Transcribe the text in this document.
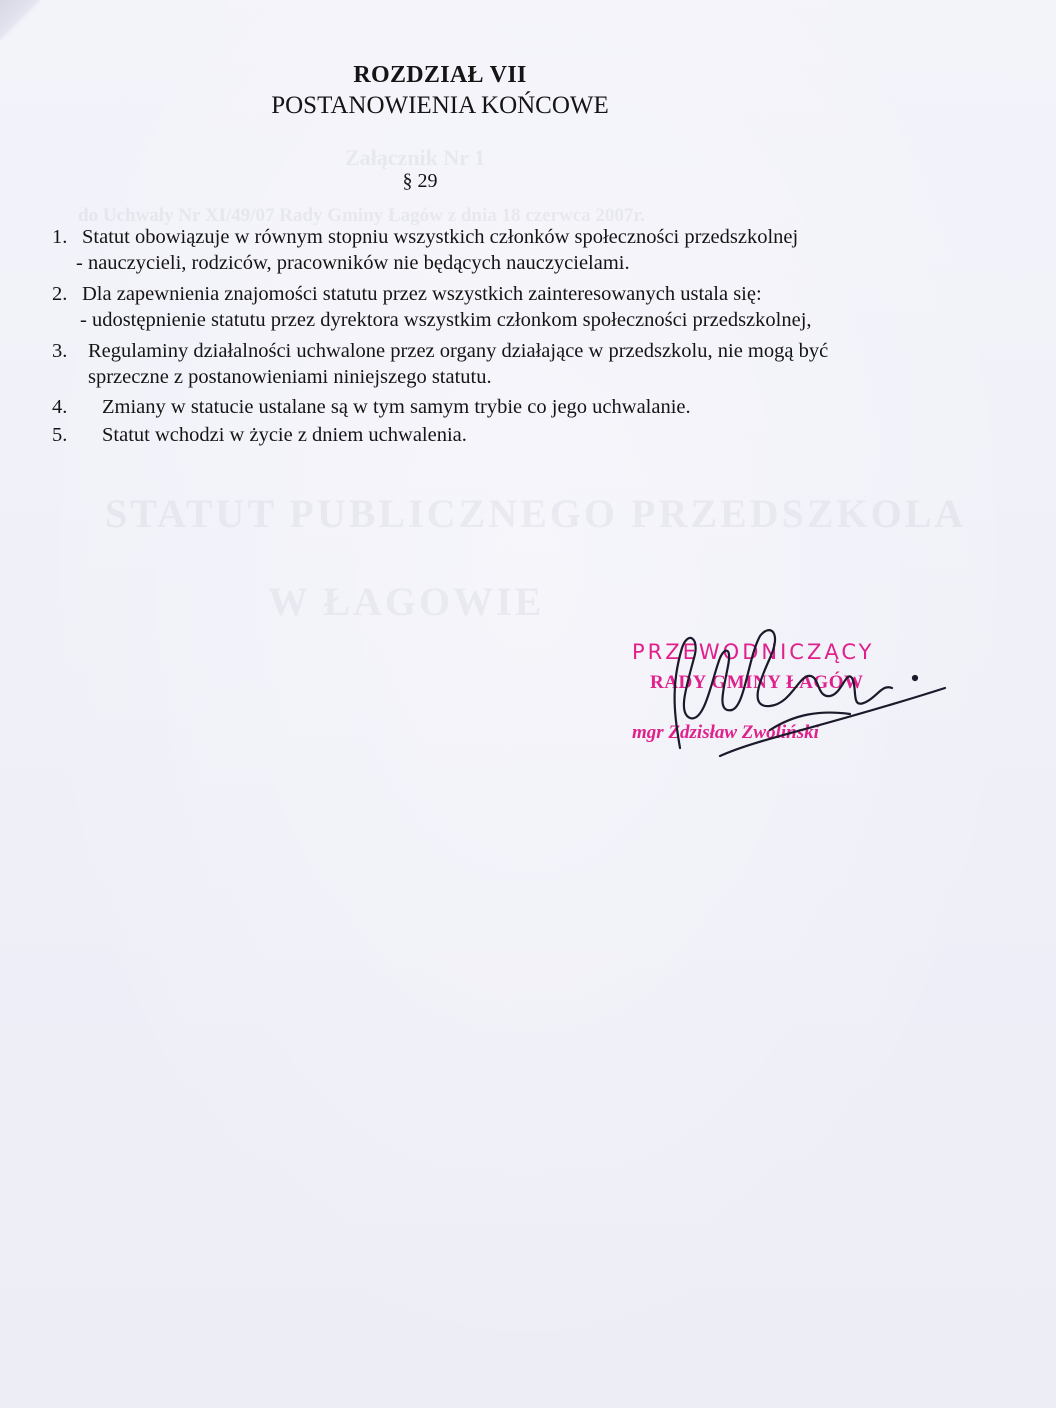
Załącznik Nr 1
do Uchwały Nr XI/49/07 Rady Gminy Łagów z dnia 18 czerwca 2007r.
STATUT PUBLICZNEGO PRZEDSZKOLA
W ŁAGOWIE
ROZDZIAŁ VII
POSTANOWIENIA KOŃCOWE
§ 29
1. Statut obowiązuje w równym stopniu wszystkich członków społeczności przedszkolnej
- nauczycieli, rodziców, pracowników nie będących nauczycielami.
2. Dla zapewnienia znajomości statutu przez wszystkich zainteresowanych ustala się:
- udostępnienie statutu przez dyrektora wszystkim członkom społeczności przedszkolnej,
3. Regulaminy działalności uchwalone przez organy działające w przedszkolu, nie mogą być
sprzeczne z postanowieniami niniejszego statutu.
4. Zmiany w statucie ustalane są w tym samym trybie co jego uchwalanie.
5. Statut wchodzi w życie z dniem uchwalenia.
PRZEWODNICZĄCY
RADY GMINY ŁAGÓW
mgr Zdzisław Zwoliński
